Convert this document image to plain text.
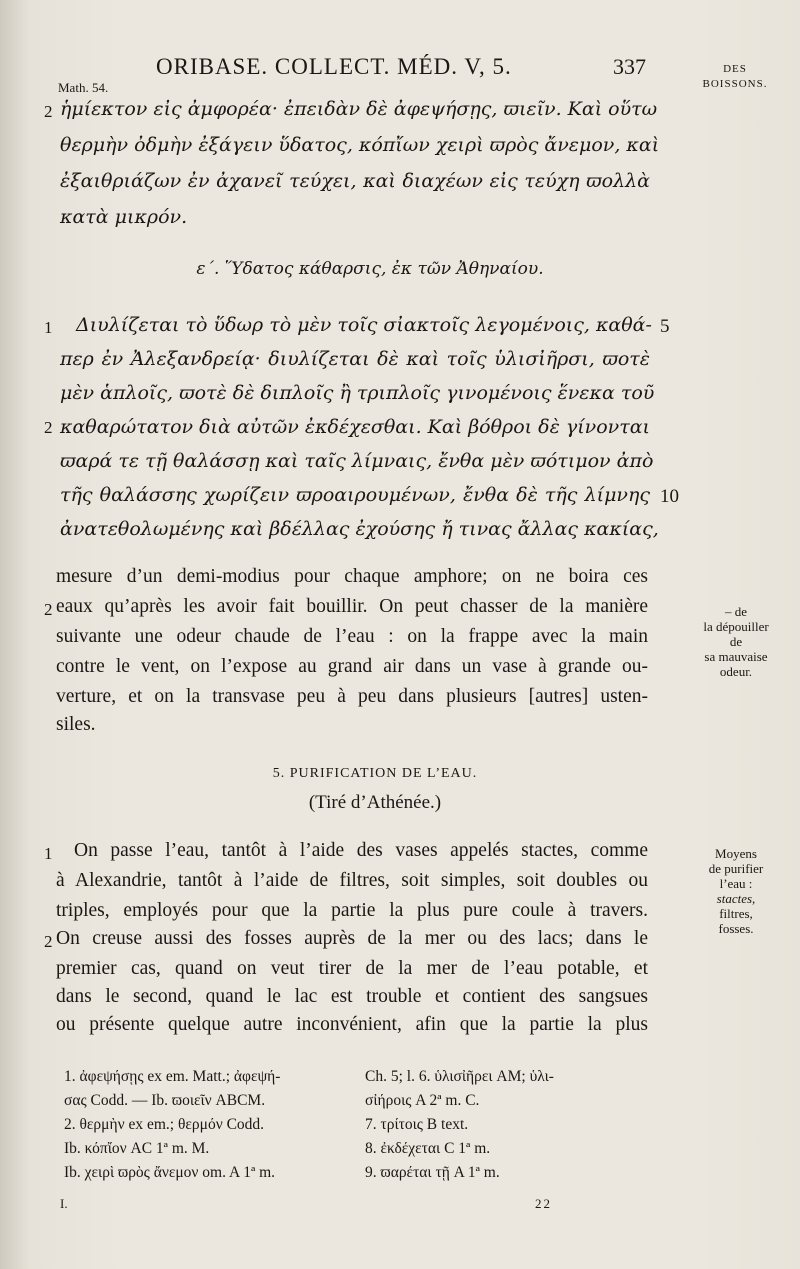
ORIBASE. COLLECT. MÉD. V, 5.	337
Math. 54.
DES
BOISSONS.
2 ἡμίεκτον εἰς ἀμφορέα· ἐπειδὰν δὲ ἀφεψήσῃς, ϖιεῖν. Καὶ οὕτω
θερμὴν ὀδμὴν ἐξάγειν ὕδατος, κόπἴων χειρὶ ϖρὸς ἄνεμον, καὶ
ἐξαιθριάζων ἐν ἀχανεῖ τεύχει, καὶ διαχέων εἰς τεύχη ϖολλὰ
κατὰ μικρόν.
ε΄. Ὕδατος κάθαρσις, ἐκ τῶν Ἀθηναίου.
1
2
5
10
Διυλίζεται τὸ ὕδωρ τὸ μὲν τοῖς σἰακτοῖς λεγομένοις, καθά-
περ ἐν Ἀλεξανδρείᾳ· διυλίζεται δὲ καὶ τοῖς ὑλισἰῆρσι, ϖοτὲ
μὲν ἁπλοῖς, ϖοτὲ δὲ διπλοῖς ἢ τριπλοῖς γινομένοις ἕνεκα τοῦ
καθαρώτατον διὰ αὐτῶν ἐκδέχεσθαι. Καὶ βόθροι δὲ γίνονται
ϖαρά τε τῇ θαλάσσῃ καὶ ταῖς λίμναις, ἔνθα μὲν ϖότιμον ἀπὸ
τῆς θαλάσσης χωρίζειν ϖροαιρουμένων, ἔνθα δὲ τῆς λίμνης
ἀνατεθολωμένης καὶ βδέλλας ἐχούσης ἤ τινας ἄλλας κακίας,
2
mesure d’un demi-modius pour chaque amphore; on ne boira ces
eaux qu’après les avoir fait bouillir. On peut chasser de la manière
suivante une odeur chaude de l’eau : on la frappe avec la main
contre le vent, on l’expose au grand air dans un vase à grande ou-
verture, et on la transvase peu à peu dans plusieurs [autres] usten-
siles.
– de
la dépouiller
de
sa mauvaise
odeur.
5. PURIFICATION DE L’EAU.
(Tiré d’Athénée.)
1
2
On passe l’eau, tantôt à l’aide des vases appelés stactes, comme
à Alexandrie, tantôt à l’aide de filtres, soit simples, soit doubles ou
triples, employés pour que la partie la plus pure coule à travers.
On creuse aussi des fosses auprès de la mer ou des lacs; dans le
premier cas, quand on veut tirer de la mer de l’eau potable, et
dans le second, quand le lac est trouble et contient des sangsues
ou présente quelque autre inconvénient, afin que la partie la plus
Moyens
de purifier
l’eau :
stactes,
filtres,
fosses.
1. ἀφεψήσῃς ex em. Matt.; ἀφεψή-
σας Codd. — Ib. ϖοιεῖν ABCM.
2. θερμὴν ex em.; θερμόν Codd.
Ib. κόπἴον AC 1ª m. M.
Ib. χειρὶ ϖρὸς ἄνεμον om. A 1ª m.
Ch. 5; l. 6. ὑλισἰῆρει AM; ὑλι-
σἰήροις A 2ª m. C.
7. τρίτοις B text.
8. ἐκδέχεται C 1ª m.
9. ϖαρέται τῇ A 1ª m.
I.	22
